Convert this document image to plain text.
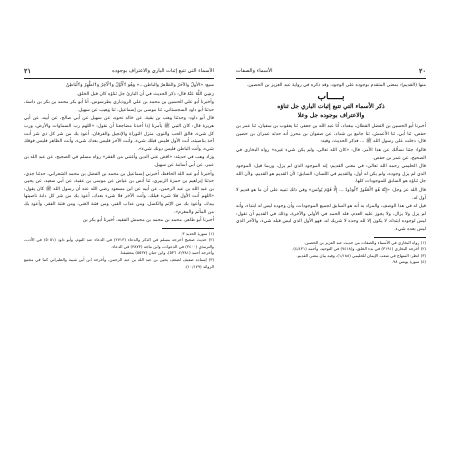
٢١	الأسماء التي تتبع إثبات الباري والاعتراف بوجوده

سبع: «الأولُ والآخرُ والظاهرُ والباطن...» وَهُوَ ٱلْأَوَّلُ وَٱلْآخِرُ وَٱلظَّٰهِرُ وَٱلْبَاطِنُ

رَضِيَ اللَّهُ عَنْهُ قال: ذكر الحديث في أن البارئ جل ثناؤه كان قبل الخلق.

وأخبرنا أبو علي الحسين بن محمد بن علي الروذباري بطرسوس، أنا أبو بكر محمد بن بكر بن داسة، حدثنا أبو داود السجستاني، ثنا موسى بن إسماعيل، ثنا وهيب عن سهيل.

قال أبو داود: وحدثنا وهب بن بقية، عن خالد نحوه، عن سهيل عن أبي صالح، عن أبيه، عن أبي هريرة قال: كان النبي ﷺ يأمرنا إذا أخذنا مضاجعنا أن نقول: «اللهم رب السماوات والأرض، ورب كل شيء، فالق الحب والنوى، منزل التوراة والإنجيل والفرقان، أعوذ بك من شر كل ذي شر أنت آخذ بناصيته، أنت الأول فليس قبلك شيء، وأنت الآخر فليس بعدك شيء، وأنت الظاهر فليس فوقك شيء، وأنت الباطن فليس دونك شيء».

وزاد وهب في حديثه: «اقض عني الدين وأغنني من الفقر» رواه مسلم في الصحيح، عن عبد الله بن عمر، عن أبي أسامة عن سهيل.

وأخبرنا أبو عبد الله الحافظ، أخبرني إسماعيل بن محمد بن الفضل بن محمد الشعراني، حدثنا جدي، حدثنا إبراهيم بن حمزة الزبيري، ثنا أنس بن عياض عن موسى بن عقبة، عن أبي سعيد، عن يحيى بن عبد الله بن عبد الرحمن، عن أبيه عن ابن مسعود رضي الله عنه أن رسول الله ﷺ كان يقول: «اللهم أنت الأول فلا شيء قبلك، وأنت الآخر فلا شيء بعدك، أعوذ بك من شر كل دابة ناصيتها بيدك، وأعوذ بك من الإثم والكسل، ومن عذاب القبر، ومن فتنة الغنى، ومن فتنة الفقر، وأعوذ بك من المأثم والمغرم».

أخبرنا أبو طاهر، محمد بن محمد بن محمش الفقيه، أخبرنا أبو بكر بن

(١) سورة الحديد ٣.

(٢) حديث صحيح أخرجه مسلم في الذكر والدعاء (٢٧١٣) في الدعاء عند النوم، وأبو داود (٥٠٥١) في الأدب، والترمذي (٣٤٠٠) في الدعوات، وابن ماجه (٣٨٧٣) في الدعاء.

وأخرجه أحمد (٢/٣٨١، ٥٣٦)، وابن حبان (٥٥٣٧) بتحقيقنا.

(٣) إسناده ضعيف لضعف يحيى بن عبد الله بن عبد الرحمن، وأخرجه ابن أبي شيبة والطبراني كما في مجمع الزوائد (١٠/١٧٩).

٢٠
الأسماء والصفات

منها (القديم): بمعنى المتقدم بوجوده على الوجود، وقد ذكره في رواية عبد العزيز بن الحصين.

بـــــاب
ذكر الأسماء التي تتبع إثبات الباري جل ثناؤه
والاعتراف بوجوده جل وعلا

أخبرنا أبو الحسين بن الفضل القطان، ببغداد، أنا عبد الله بن جعفر، ثنا يعقوب بن سفيان، ثنا عمر بن حفص، ثنا أبي، ثنا الأعمش، ثنا جامع بن شداد، عن صفوان بن محرز أنه حدثه عمران بن حصين قال: دخلت على رسول الله ﷺ ... فذكر الحديث، وفيه:

قالوا: جئنا نسألك عن هذا الأمر، قال: «كان الله تعالى، ولم يكن شيء غيره» رواه البخاري في الصحيح، عن عمر بن حفص.

قال الحليمي رحمه الله تعالى: في معنى القديم: إنه الموجود الذي لم يزل، وربما قيل: الموجود الذي لم يزل وجوده، ولم يكن له أول، والقديم في اللسان: السابق؛ لأن القديم هو القديم، ولأن الله جل ثناؤه هو السابق للموجودات كلها.

قال الله عز وجل: «إِنَّهُ هُوَ ٱلْغَفُورُ ٱلْوَدُودُ ... إِلَّا قَوْمَ يُونُسَ» وفي ذلك تنبيه على أن ما هو قديم لا أول له.

قيل له في هذا الوصف، والمراد به أنه هو السابق لجميع الموجودات، وأن وجوده ليس له ابتداء، وأنه لم يزل ولا يزال، ولا يجوز عليه العدم، فله الحمد في الأولى والآخرة، وذلك في القديم أن تقول: ليس لوجوده ابتداء، لا يكون إلا لله وحده لا شريك له، فهو الأول الذي ليس قبله شيء، والآخر الذي ليس بعده شيء.

(١) رواه البخاري في الأسماء والصفات من حديث عبد العزيز بن الحصين.

(٢) أخرجه البخاري (٣١٩١) في بدء الخلق، و(٧٤١٨) في التوحيد، وأحمد (٤/٤٣١).

(٣) انظر: المنهاج في شعب الإيمان للحليمي (١/١٨٨)، وفيه بيان معنى القديم.

(٤) سورة يونس ٩٨.
